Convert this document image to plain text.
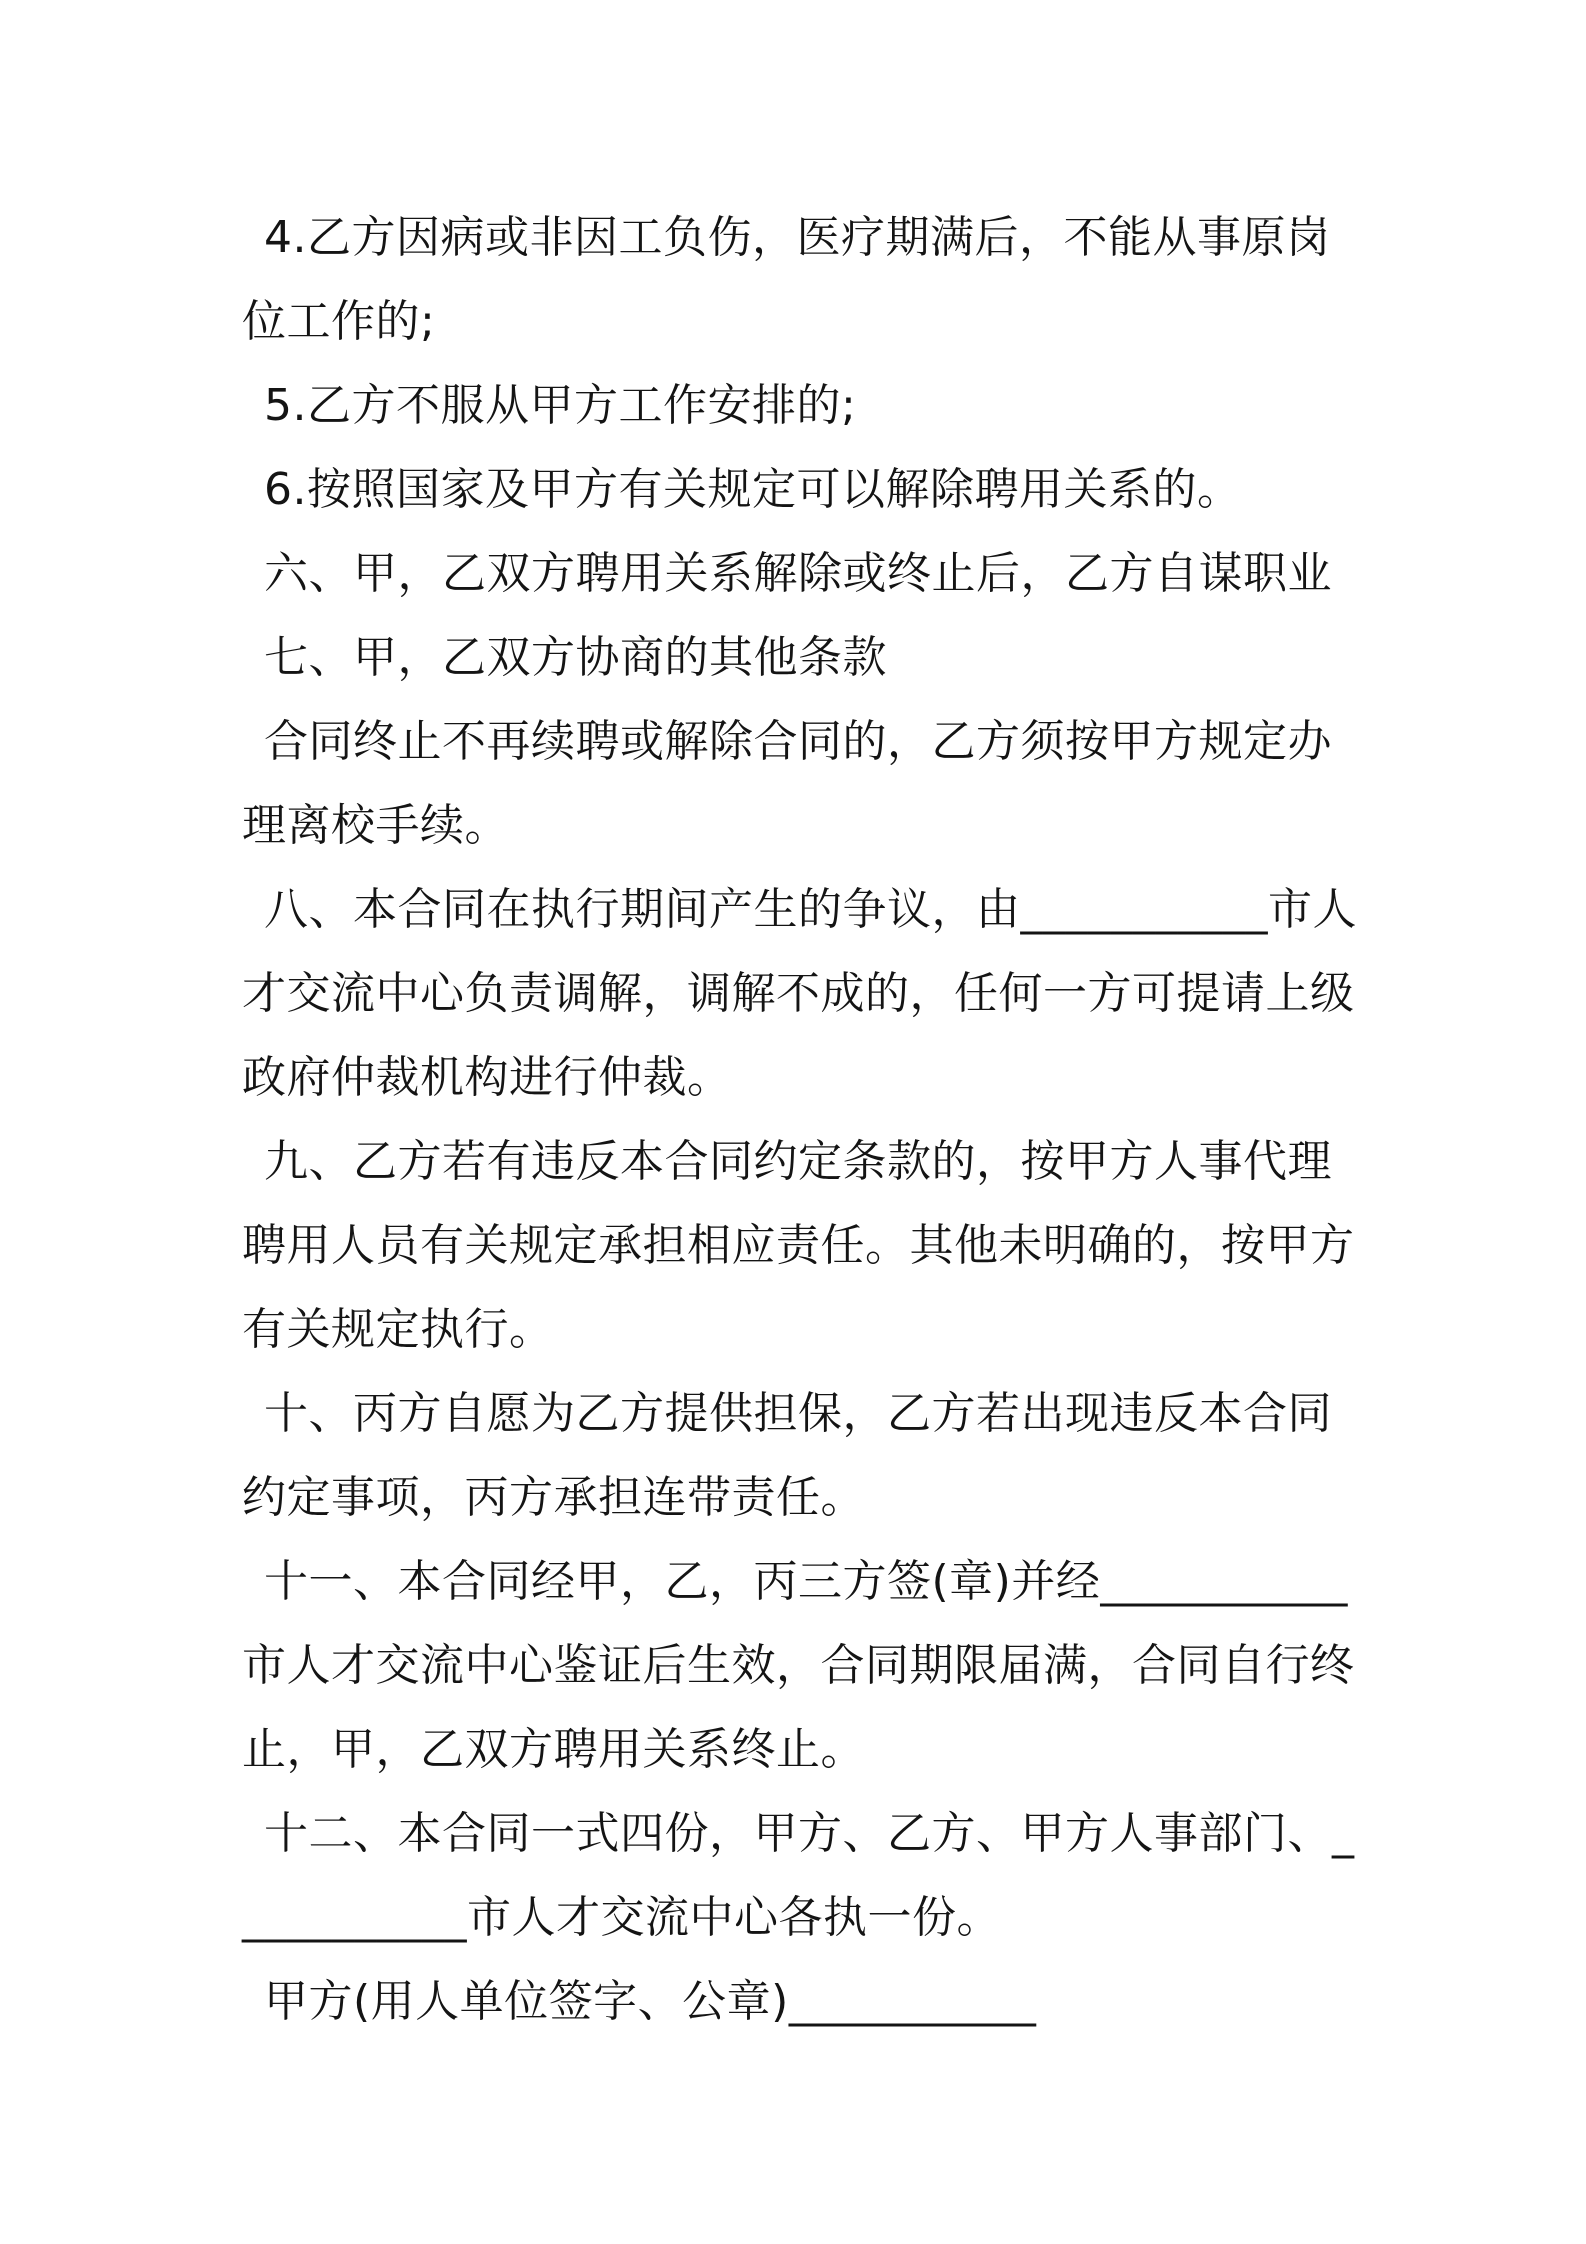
4.乙方因病或非因工负伤，医疗期满后，不能从事原岗位工作的;

5.乙方不服从甲方工作安排的;

6.按照国家及甲方有关规定可以解除聘用关系的。

六、甲，乙双方聘用关系解除或终止后，乙方自谋职业

七、甲，乙双方协商的其他条款

合同终止不再续聘或解除合同的，乙方须按甲方规定办理离校手续。

八、本合同在执行期间产生的争议，由___________市人才交流中心负责调解，调解不成的，任何一方可提请上级政府仲裁机构进行仲裁。

九、乙方若有违反本合同约定条款的，按甲方人事代理聘用人员有关规定承担相应责任。其他未明确的，按甲方有关规定执行。

十、丙方自愿为乙方提供担保，乙方若出现违反本合同约定事项，丙方承担连带责任。

十一、本合同经甲，乙，丙三方签(章)并经___________市人才交流中心鉴证后生效，合同期限届满，合同自行终止，甲，乙双方聘用关系终止。

十二、本合同一式四份，甲方、乙方、甲方人事部门、___________市人才交流中心各执一份。

甲方(用人单位签字、公章)___________
